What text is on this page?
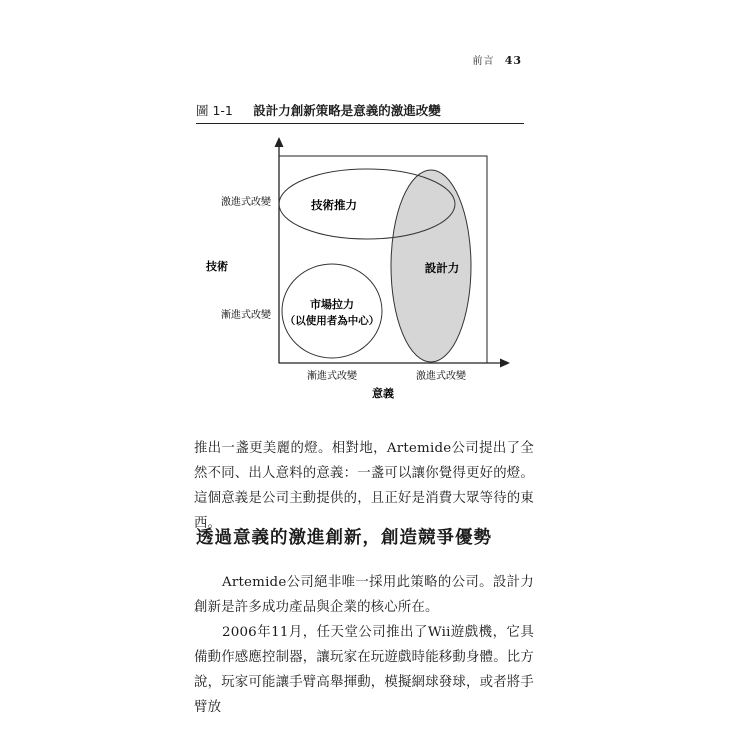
前言 43
圖 1-1 設計力創新策略是意義的激進改變
技術推力
設計力
市場拉力
（以使用者為中心）
激進式改變
技術
漸進式改變
漸進式改變	激進式改變
意義
推出一盞更美麗的燈。相對地，Artemide公司提出了全然不同、出人意料的意義：一盞可以讓你覺得更好的燈。這個意義是公司主動提供的，且正好是消費大眾等待的東西。
透過意義的激進創新，創造競爭優勢
Artemide公司絕非唯一採用此策略的公司。設計力創新是許多成功產品與企業的核心所在。
2006年11月，任天堂公司推出了Wii遊戲機，它具備動作感應控制器，讓玩家在玩遊戲時能移動身體。比方說，玩家可能讓手臂高舉揮動，模擬網球發球，或者將手臂放
